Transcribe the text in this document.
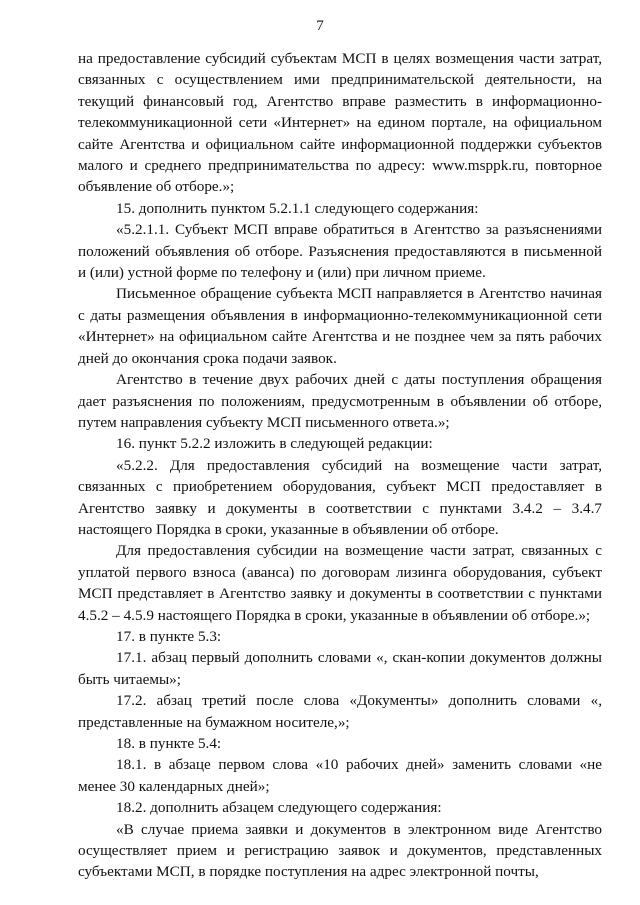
7

на предоставление субсидий субъектам МСП в целях возмещения части затрат, связанных с осуществлением ими предпринимательской деятельности, на текущий финансовый год, Агентство вправе разместить в информационно-телекоммуникационной сети «Интернет» на едином портале, на официальном сайте Агентства и официальном сайте информационной поддержки субъектов малого и среднего предпринимательства по адресу: www.msppk.ru, повторное объявление об отборе.»;

15. дополнить пунктом 5.2.1.1 следующего содержания:

«5.2.1.1. Субъект МСП вправе обратиться в Агентство за разъяснениями положений объявления об отборе. Разъяснения предоставляются в письменной и (или) устной форме по телефону и (или) при личном приеме.

Письменное обращение субъекта МСП направляется в Агентство начиная с даты размещения объявления в информационно-телекоммуникационной сети «Интернет» на официальном сайте Агентства и не позднее чем за пять рабочих дней до окончания срока подачи заявок.

Агентство в течение двух рабочих дней с даты поступления обращения дает разъяснения по положениям, предусмотренным в объявлении об отборе, путем направления субъекту МСП письменного ответа.»;

16. пункт 5.2.2 изложить в следующей редакции:

«5.2.2. Для предоставления субсидий на возмещение части затрат, связанных с приобретением оборудования, субъект МСП предоставляет в Агентство заявку и документы в соответствии с пунктами 3.4.2 – 3.4.7 настоящего Порядка в сроки, указанные в объявлении об отборе.

Для предоставления субсидии на возмещение части затрат, связанных с уплатой первого взноса (аванса) по договорам лизинга оборудования, субъект МСП представляет в Агентство заявку и документы в соответствии с пунктами 4.5.2 – 4.5.9 настоящего Порядка в сроки, указанные в объявлении об отборе.»;

17. в пункте 5.3:

17.1. абзац первый дополнить словами «, скан-копии документов должны быть читаемы»;

17.2. абзац третий после слова «Документы» дополнить словами «, представленные на бумажном носителе,»;

18. в пункте 5.4:

18.1. в абзаце первом слова «10 рабочих дней» заменить словами «не менее 30 календарных дней»;

18.2. дополнить абзацем следующего содержания:

«В случае приема заявки и документов в электронном виде Агентство осуществляет прием и регистрацию заявок и документов, представленных субъектами МСП, в порядке поступления на адрес электронной почты,
